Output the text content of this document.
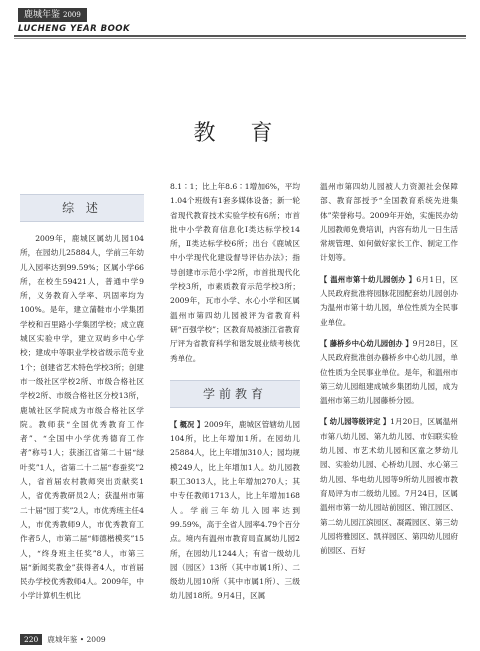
鹿城年鉴 2009
LUCHENG YEAR BOOK
教 育
综 述

2009年，鹿城区属幼儿园104所，在园幼儿25884人，学前三年幼儿入园率达到99.59%；区属小学66所，在校生59421人，普通中学9所，义务教育入学率、巩固率均为100%。是年，建立蒲鞋市小学集团学校和百里路小学集团学校；成立鹿城区实验中学，建立双屿乡中心学校；建成中等职业学校省级示范专业1个；创建省艺术特色学校3所；创建市一级社区学校2所、市级合格社区学校2所、市级合格社区分校13所，鹿城社区学院成为市级合格社区学院。教师获“全国优秀教育工作者”、“全国中小学优秀德育工作者”称号1人；获浙江省第二十届“绿叶奖”1人，省第二十二届“春蚕奖”2人，省首届农村教师突出贡献奖1人，省优秀教研员2人；获温州市第二十届“园丁奖”2人，市优秀班主任4人，市优秀教师9人，市优秀教育工作者5人，市第二届“师德楷模奖”15人，“终身班主任奖”8人，市第三届“新闻奖教金”获得者4人，市首届民办学校优秀教师4人。2009年，中小学计算机生机比

8.1∶1；比上年8.6∶1增加6%，平均1.04个班级有1套多媒体设备；新一轮省现代教育技术实验学校有6所；市首批中小学教育信息化Ⅰ类达标学校14所，Ⅱ类达标学校6所；出台《鹿城区中小学现代化建设督导评估办法》；指导创建市示范小学2所，市首批现代化学校3所，市素质教育示范学校3所；2009年，瓦市小学、水心小学和区属温州市第四幼儿园被评为省教育科研“百强学校”；区教育局被浙江省教育厅评为省教育科学和谐发展业绩考核优秀单位。

学前教育

【 概况 】2009年，鹿城区管辖幼儿园104所，比上年增加1所。在园幼儿25884人，比上年增加310人；园均规模249人，比上年增加1人。幼儿园教职工3013人，比上年增加270人；其中专任教师1713人，比上年增加168人。学前三年幼儿入园率达到99.59%，高于全省人园率4.79个百分点。境内有温州市教育局直属幼儿园2所，在园幼儿1244人；有省一级幼儿园（园区）13所（其中市属1所）、二级幼儿园10所（其中市属1所）、三级幼儿园18所。9月4日，区属

温州市第四幼儿园被人力资源社会保障部、教育部授予“全国教育系统先进集体”荣誉称号。2009年开始，实施民办幼儿园教师免费培训，内容有幼儿一日生活常规管理、如何做好家长工作、制定工作计划等。

【 温州市第十幼儿园创办 】6月1日，区人民政府批准将园脉花园配套幼儿园创办为温州市第十幼儿园，单位性质为全民事业单位。

【 藤桥乡中心幼儿园创办 】9月28日，区人民政府批准创办藤桥乡中心幼儿园，单位性质为全民事业单位。是年，和温州市第三幼儿园组建成城乡集团幼儿园，成为温州市第三幼儿园藤桥分园。

【 幼儿园等级评定 】1月20日，区属温州市第八幼儿园、第九幼儿园、市妇联实验幼儿园、市艺术幼儿园和区童之梦幼儿园、实验幼儿园、心桥幼儿园、水心第三幼儿园、华电幼儿园等9所幼儿园被市教育局评为市二级幼儿园。7月24日，区属温州市第一幼儿园站前园区、锦江园区、第二幼儿园江滨园区、凝霞园区、第三幼儿园将雅园区、凯祥园区、第四幼儿园府前园区、百好

220	鹿城年鉴 • 2009
